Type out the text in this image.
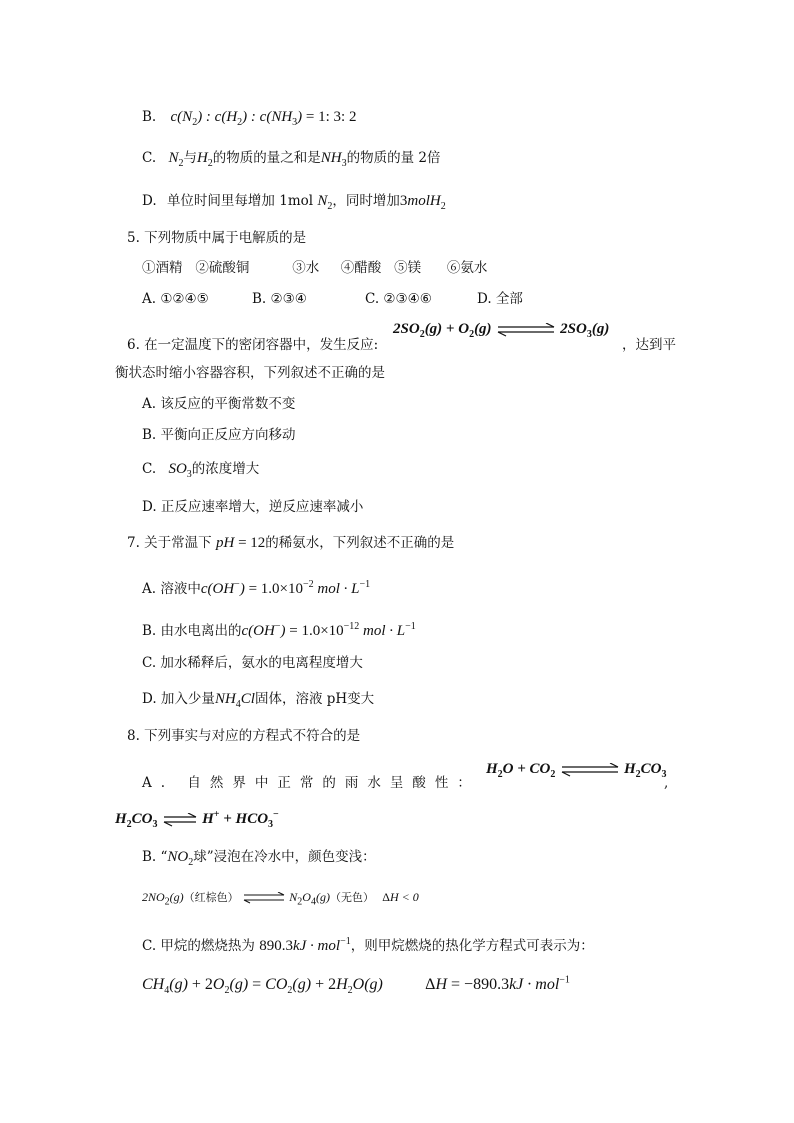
B. $c(N_2)$ : $c(H_2)$ : $c(NH_3) = 1$: 3: 2
C. $N_2$与$H_2$的物质的量之和是$NH_3$的物质的量 2倍
D. 单位时间里每增加 1mol $N_2$，同时增加3molH$_2$
5. 下列物质中属于电解质的是
①酒精   ②硫酸铜          ③水     ④醋酸   ⑤镁      ⑥氨水
A. ①②④⑤	B. ②③④	C. ②③④⑥	D. 全部
6. 在一定温度下的密闭容器中，发生反应:
$2SO_2(g) + O_2(g)$	$2SO_3(g)$
，达到平
衡状态时缩小容器容积，下列叙述不正确的是
A. 该反应的平衡常数不变
B. 平衡向正反应方向移动
C. $SO_3$的浓度增大
D. 正反应速率增大，逆反应速率减小
7. 关于常温下 pH = 12的稀氨水，下列叙述不正确的是
A. 溶液中$c(OH^-) = 1.0\times 10^{-2}$ mol · $L^{-1}$
B. 由水电离出的$c(OH^-) = 1.0\times 10^{-12}$ mol · $L^{-1}$
C. 加水稀释后，氨水的电离程度增大
D. 加入少量$NH_4Cl$固体，溶液 pH变大
8. 下列事实与对应的方程式不符合的是
A. 自然界中正常的雨水呈酸性：
$H_2O + CO_2$	$H_2CO_3$
,
$H_2CO_3$ ⇌ $H^+ + HCO_3^-$
B. “$NO_2$球”浸泡在冷水中，颜色变浅：
$2NO_2(g)$（红棕色） ⇌ $N_2O_4(g)$（无色） ΔH < 0
C. 甲烷的燃烧热为 890.3kJ · mol$^{-1}$，则甲烷燃烧的热化学方程式可表示为：
$CH_4(g) + 2O_2(g) = CO_2(g) + 2H_2O(g)$	ΔH = −890.3kJ · mol$^{-1}$
